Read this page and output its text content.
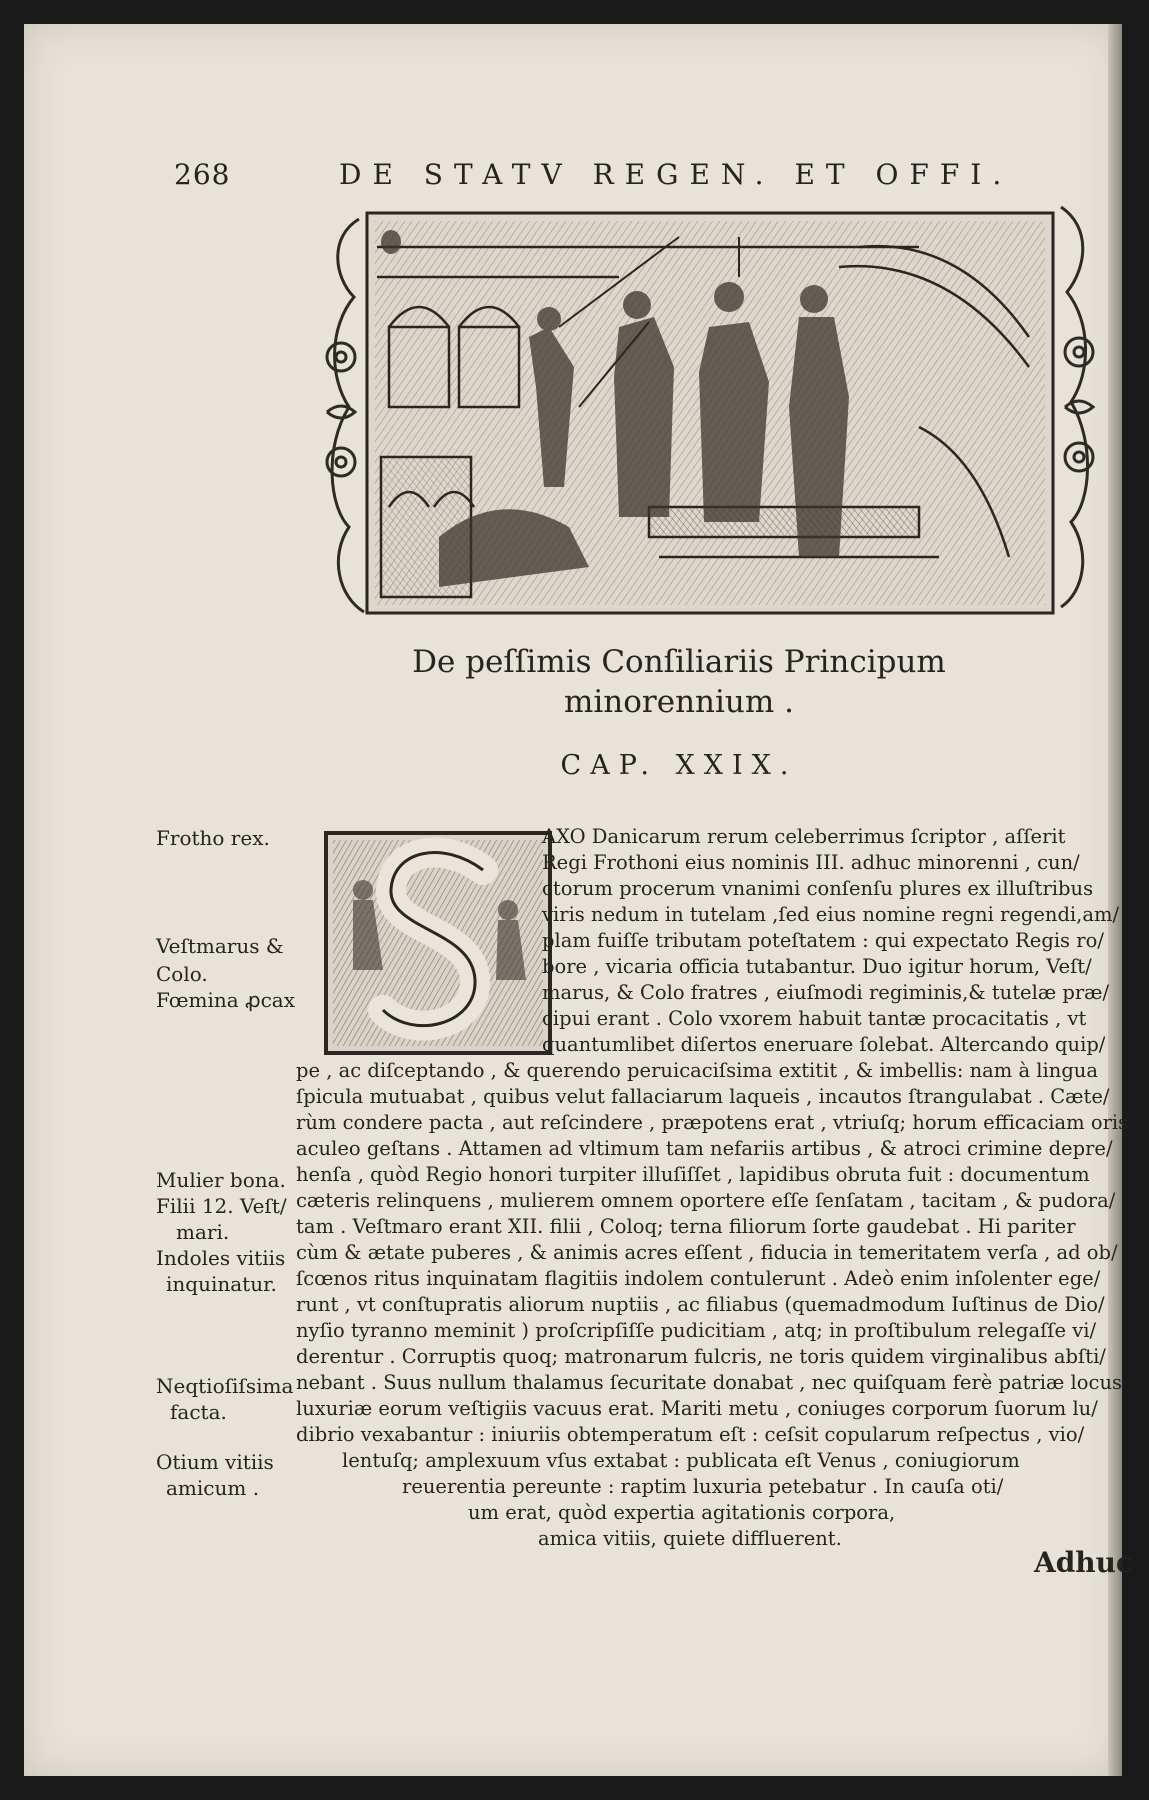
268	DE STATV REGEN. ET OFFI.
De peſſimis Conſiliariis Principum
minorennium .
CAP. XXIX.
AXO Danicarum rerum celeberrimus ſcriptor , aſſerit
Regi Frothoni eius nominis III. adhuc minorenni , cun/
ctorum procerum vnanimi conſenſu plures ex illuſtribus
viris nedum in tutelam ,ſed eius nomine regni regendi,am/
plam fuiſſe tributam poteſtatem : qui expectato Regis ro/
bore , vicaria officia tutabantur. Duo igitur horum, Veſt/
marus, & Colo fratres , eiuſmodi regiminis,& tutelæ præ/
cipui erant . Colo vxorem habuit tantæ procacitatis , vt
quantumlibet diſertos eneruare ſolebat. Altercando quip/
pe , ac diſceptando , & querendo peruicaciſsima extitit , & imbellis: nam à lingua
ſpicula mutuabat , quibus velut fallaciarum laqueis , incautos ſtrangulabat . Cæte/
rùm condere pacta , aut reſcindere , præpotens erat , vtriuſq; horum efficaciam oris
aculeo geſtans . Attamen ad vltimum tam nefariis artibus , & atroci crimine depre/
henſa , quòd Regio honori turpiter illuſiſſet , lapidibus obruta fuit : documentum
cæteris relinquens , mulierem omnem oportere eſſe ſenſatam , tacitam , & pudora/
tam . Veſtmaro erant XII. filii , Coloq; terna filiorum ſorte gaudebat . Hi pariter
cùm & ætate puberes , & animis acres eſſent , fiducia in temeritatem verſa , ad ob/
ſcœnos ritus inquinatam flagitiis indolem contulerunt . Adeò enim inſolenter ege/
runt , vt conſtupratis aliorum nuptiis , ac filiabus (quemadmodum Iuſtinus de Dio/
nyſio tyranno meminit ) proſcripſiſſe pudicitiam , atq; in proſtibulum relegaſſe vi/
derentur . Corruptis quoq; matronarum fulcris, ne toris quidem virginalibus abſti/
nebant . Suus nullum thalamus ſecuritate donabat , nec quiſquam ferè patriæ locus
luxuriæ eorum veſtigiis vacuus erat. Mariti metu , coniuges corporum ſuorum lu/
dibrio vexabantur : iniuriis obtemperatum eſt : ceſsit copularum reſpectus , vio/
lentuſq; amplexuum vſus extabat : publicata eſt Venus , coniugiorum
reuerentia pereunte : raptim luxuria petebatur . In cauſa oti/
um erat, quòd expertia agitationis corpora,
amica vitiis, quiete diffluerent.
Frotho rex.
Veſtmarus &
Colo.
Fœmina ꝓcax
Mulier bona.
Filii 12. Veſt/
mari.
Indoles vitiis
inquinatur.
Neqtioſiſsima
facta.
Otium vitiis
amicum .
Adhuc
